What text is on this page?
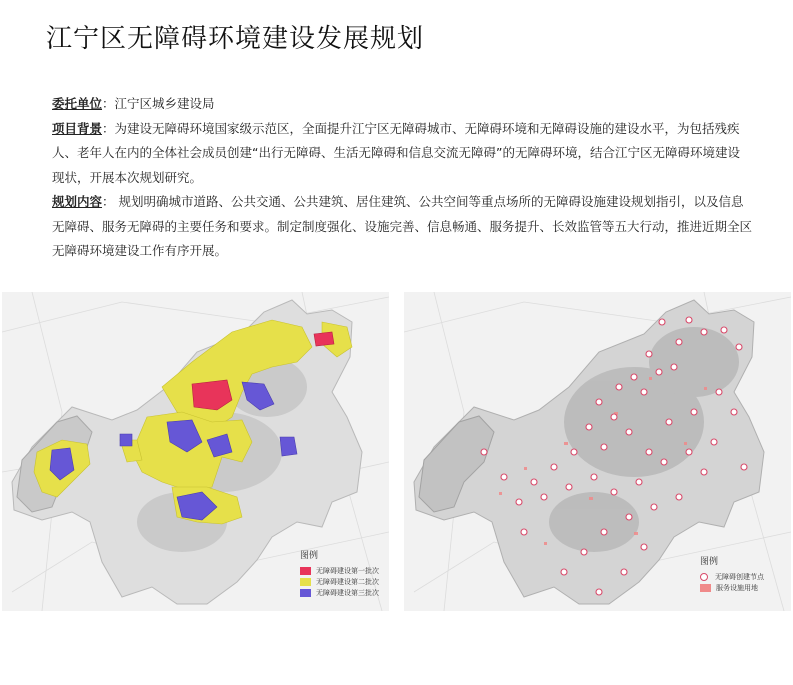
江宁区无障碍环境建设发展规划

委托单位：江宁区城乡建设局

项目背景：为建设无障碍环境国家级示范区，全面提升江宁区无障碍城市、无障碍环境和无障碍设施的建设水平，为包括残疾人、老年人在内的全体社会成员创建“出行无障碍、生活无障碍和信息交流无障碍”的无障碍环境，结合江宁区无障碍环境建设现状，开展本次规划研究。

规划内容： 规划明确城市道路、公共交通、公共建筑、居住建筑、公共空间等重点场所的无障碍设施建设规划指引，以及信息无障碍、服务无障碍的主要任务和要求。制定制度强化、设施完善、信息畅通、服务提升、长效监管等五大行动，推进近期全区无障碍环境建设工作有序开展。

图例
无障碍建设第一批次
无障碍建设第二批次
无障碍建设第三批次
图例
无障碍创建节点
服务设施用地
